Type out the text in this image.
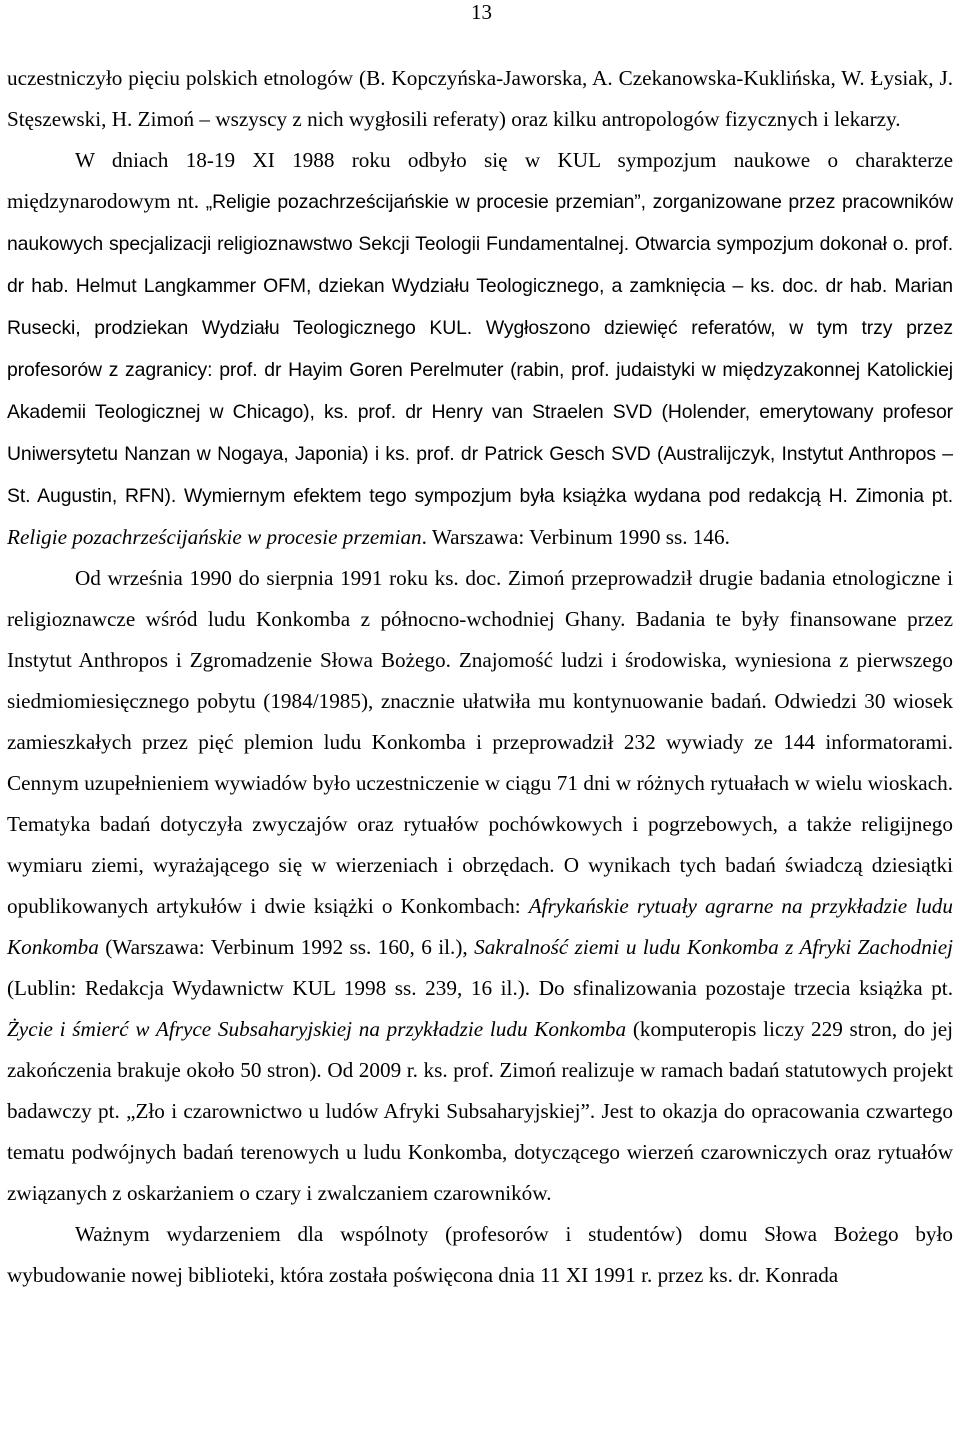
13

uczestniczyło pięciu polskich etnologów (B. Kopczyńska-Jaworska, A. Czekanowska-Kuklińska, W. Łysiak, J. Stęszewski, H. Zimoń – wszyscy z nich wygłosili referaty) oraz kilku antropologów fizycznych i lekarzy.

W dniach 18-19 XI 1988 roku odbyło się w KUL sympozjum naukowe o charakterze międzynarodowym nt. „Religie pozachrześcijańskie w procesie przemian”, zorganizowane przez pracowników naukowych specjalizacji religioznawstwo Sekcji Teologii Fundamentalnej. Otwarcia sympozjum dokonał o. prof. dr hab. Helmut Langkammer OFM, dziekan Wydziału Teologicznego, a zamknięcia – ks. doc. dr hab. Marian Rusecki, prodziekan Wydziału Teologicznego KUL. Wygłoszono dziewięć referatów, w tym trzy przez profesorów z zagranicy: prof. dr Hayim Goren Perelmuter (rabin, prof. judaistyki w międzyzakonnej Katolickiej Akademii Teologicznej w Chicago), ks. prof. dr Henry van Straelen SVD (Holender, emerytowany profesor Uniwersytetu Nanzan w Nogaya, Japonia) i ks. prof. dr Patrick Gesch SVD (Australijczyk, Instytut Anthropos – St. Augustin, RFN). Wymiernym efektem tego sympozjum była książka wydana pod redakcją H. Zimonia pt. Religie pozachrześcijańskie w procesie przemian. Warszawa: Verbinum 1990 ss. 146.

Od września 1990 do sierpnia 1991 roku ks. doc. Zimoń przeprowadził drugie badania etnologiczne i religioznawcze wśród ludu Konkomba z północno-wchodniej Ghany. Badania te były finansowane przez Instytut Anthropos i Zgromadzenie Słowa Bożego. Znajomość ludzi i środowiska, wyniesiona z pierwszego siedmiomiesięcznego pobytu (1984/1985), znacznie ułatwiła mu kontynuowanie badań. Odwiedzi 30 wiosek zamieszkałych przez pięć plemion ludu Konkomba i przeprowadził 232 wywiady ze 144 informatorami. Cennym uzupełnieniem wywiadów było uczestniczenie w ciągu 71 dni w różnych rytuałach w wielu wioskach. Tematyka badań dotyczyła zwyczajów oraz rytuałów pochówkowych i pogrzebowych, a także religijnego wymiaru ziemi, wyrażającego się w wierzeniach i obrzędach. O wynikach tych badań świadczą dziesiątki opublikowanych artykułów i dwie książki o Konkombach: Afrykańskie rytuały agrarne na przykładzie ludu Konkomba (Warszawa: Verbinum 1992 ss. 160, 6 il.), Sakralność ziemi u ludu Konkomba z Afryki Zachodniej (Lublin: Redakcja Wydawnictw KUL 1998 ss. 239, 16 il.). Do sfinalizowania pozostaje trzecia książka pt. Życie i śmierć w Afryce Subsaharyjskiej na przykładzie ludu Konkomba (komputeropis liczy 229 stron, do jej zakończenia brakuje około 50 stron). Od 2009 r. ks. prof. Zimoń realizuje w ramach badań statutowych projekt badawczy pt. „Zło i czarownictwo u ludów Afryki Subsaharyjskiej”. Jest to okazja do opracowania czwartego tematu podwójnych badań terenowych u ludu Konkomba, dotyczącego wierzeń czarowniczych oraz rytuałów związanych z oskarżaniem o czary i zwalczaniem czarowników.

Ważnym wydarzeniem dla wspólnoty (profesorów i studentów) domu Słowa Bożego było wybudowanie nowej biblioteki, która została poświęcona dnia 11 XI 1991 r. przez ks. dr. Konrada
